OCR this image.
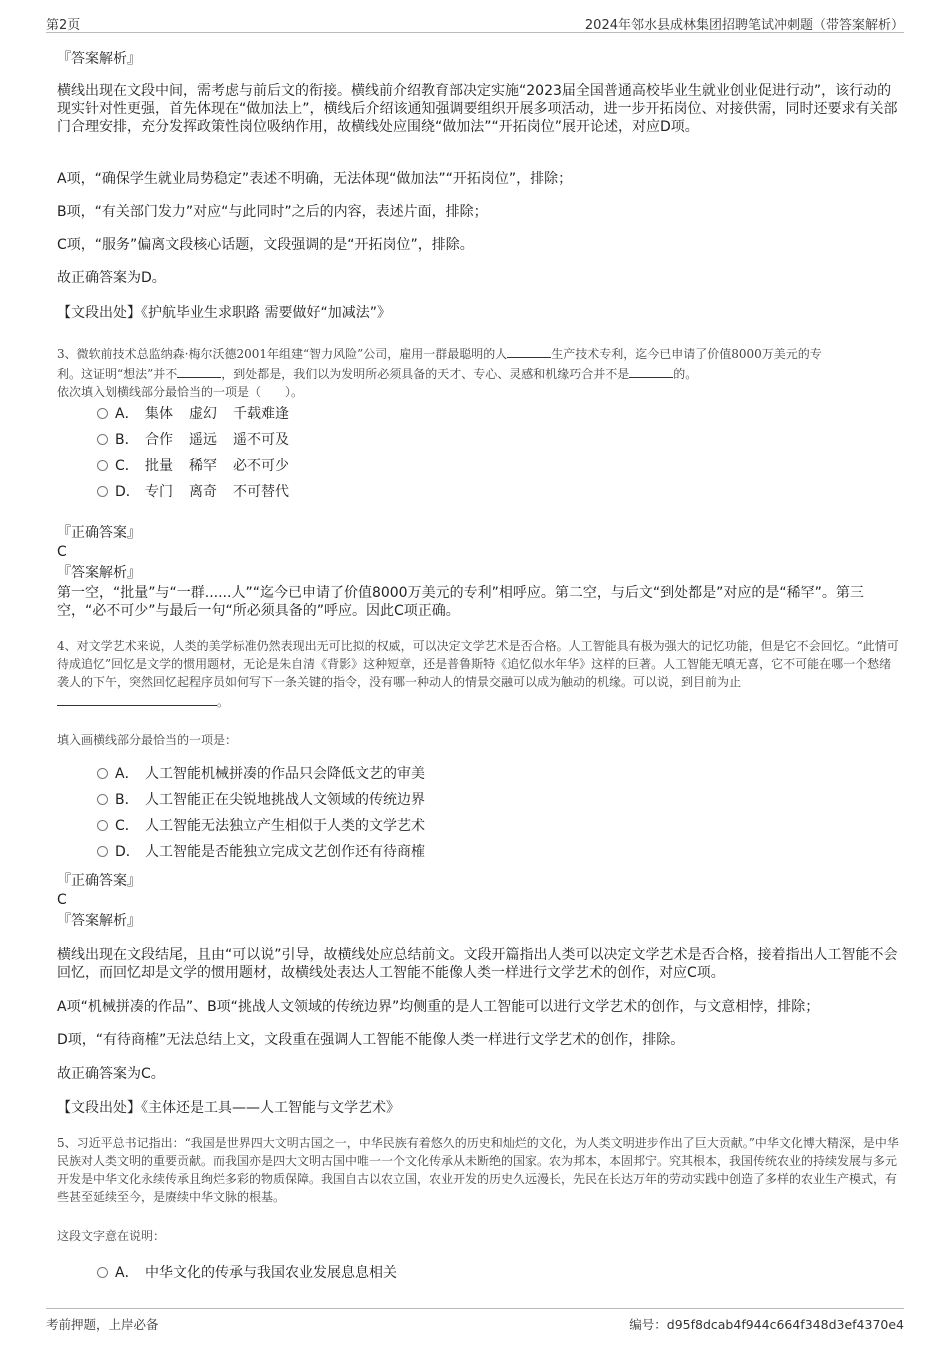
第2页	2024年邻水县成林集团招聘笔试冲刺题（带答案解析）
『答案解析』

横线出现在文段中间，需考虑与前后文的衔接。横线前介绍教育部决定实施“2023届全国普通高校毕业生就业创业促进行动”，该行动的现实针对性更强，首先体现在“做加法上”，横线后介绍该通知强调要组织开展多项活动，进一步开拓岗位、对接供需，同时还要求有关部门合理安排，充分发挥政策性岗位吸纳作用，故横线处应围绕“做加法”“开拓岗位”展开论述，对应D项。

A项，“确保学生就业局势稳定”表述不明确，无法体现“做加法”“开拓岗位”，排除；

B项，“有关部门发力”对应“与此同时”之后的内容，表述片面，排除；

C项，“服务”偏离文段核心话题，文段强调的是“开拓岗位”，排除。

故正确答案为D。

【文段出处】《护航毕业生求职路 需要做好“加减法”》

3、微软前技术总监纳森·梅尔沃德2001年组建“智力风险”公司，雇用一群最聪明的人	生产技术专利，迄今已申请了价值8000万美元的专
利。这证明“想法”并不	，到处都是，我们以为发明所必须具备的天才、专心、灵感和机缘巧合并不是	的。
依次填入划横线部分最恰当的一项是（　　）。
A． 集体 虚幻 千载难逢
B． 合作 遥远 遥不可及
C． 批量 稀罕 必不可少
D． 专门 离奇 不可替代
『正确答案』
C
『答案解析』

第一空，“批量”与“一群......人”“迄今已申请了价值8000万美元的专利”相呼应。第二空，与后文“到处都是”对应的是“稀罕”。第三空，“必不可少”与最后一句“所必须具备的”呼应。因此C项正确。

4、对文学艺术来说，人类的美学标准仍然表现出无可比拟的权威，可以决定文学艺术是否合格。人工智能具有极为强大的记忆功能，但是它不会回忆。“此情可待成追忆”回忆是文学的惯用题材，无论是朱自清《背影》这种短章，还是普鲁斯特《追忆似水年华》这样的巨著。人工智能无嗔无喜，它不可能在哪一个愁绪袭人的下午，突然回忆起程序员如何写下一条关键的指令，没有哪一种动人的情景交融可以成为触动的机缘。可以说，到目前为止。
填入画横线部分最恰当的一项是：
A． 人工智能机械拼凑的作品只会降低文艺的审美
B． 人工智能正在尖锐地挑战人文领域的传统边界
C． 人工智能无法独立产生相似于人类的文学艺术
D． 人工智能是否能独立完成文艺创作还有待商榷
『正确答案』
C
『答案解析』

横线出现在文段结尾，且由“可以说”引导，故横线处应总结前文。文段开篇指出人类可以决定文学艺术是否合格，接着指出人工智能不会回忆，而回忆却是文学的惯用题材，故横线处表达人工智能不能像人类一样进行文学艺术的创作，对应C项。

A项“机械拼凑的作品”、B项“挑战人文领域的传统边界”均侧重的是人工智能可以进行文学艺术的创作，与文意相悖，排除；

D项，“有待商榷”无法总结上文，文段重在强调人工智能不能像人类一样进行文学艺术的创作，排除。

故正确答案为C。

【文段出处】《主体还是工具——人工智能与文学艺术》

5、习近平总书记指出：“我国是世界四大文明古国之一，中华民族有着悠久的历史和灿烂的文化，为人类文明进步作出了巨大贡献。”中华文化博大精深，是中华民族对人类文明的重要贡献。而我国亦是四大文明古国中唯一一个文化传承从未断绝的国家。农为邦本，本固邦宁。究其根本，我国传统农业的持续发展与多元开发是中华文化永续传承且绚烂多彩的物质保障。我国自古以农立国，农业开发的历史久远漫长，先民在长达万年的劳动实践中创造了多样的农业生产模式，有些甚至延续至今，是赓续中华文脉的根基。

这段文字意在说明：
A． 中华文化的传承与我国农业发展息息相关
考前押题，上岸必备	编号：d95f8dcab4f944c664f348d3ef4370e4
